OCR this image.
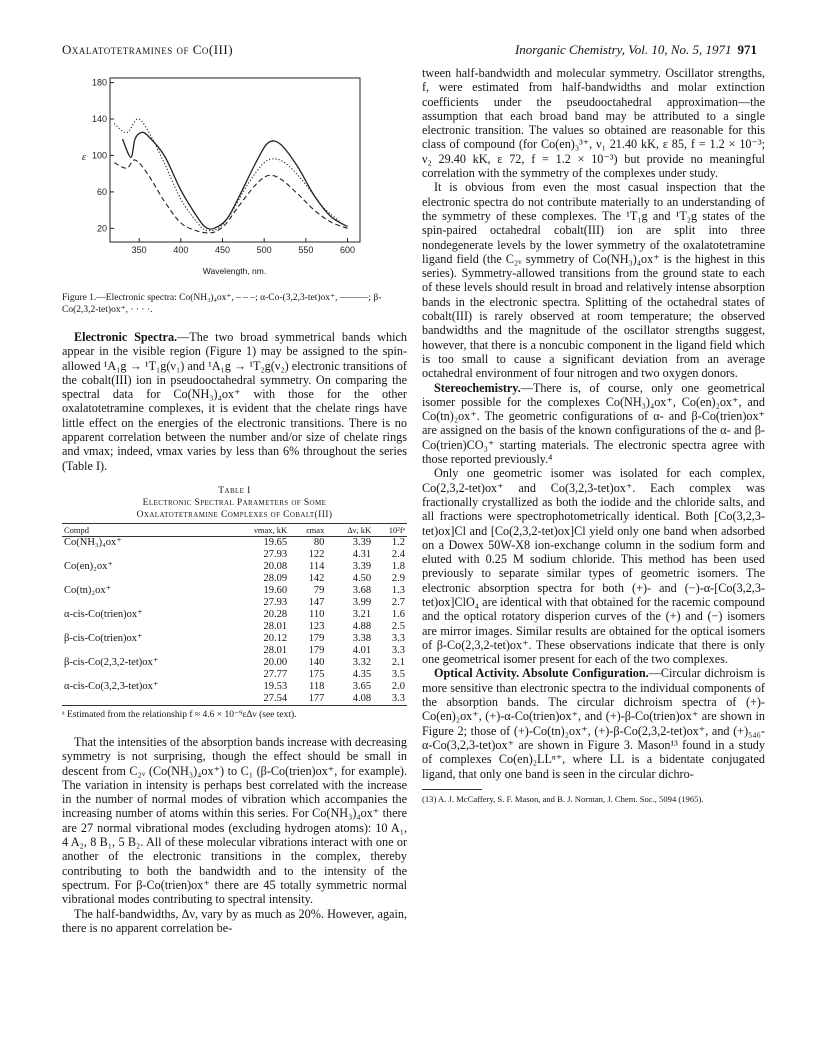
Oxalatotetramines of Co(III)	Inorganic Chemistry, Vol. 10, No. 5, 1971 971
350	400	450	500	550	600
180
140
100
60
20
ε
Wavelength, nm.

Figure 1.—Electronic spectra: Co(NH₃)₄ox⁺, – – –; α-Co-(3,2,3-tet)ox⁺, ———; β-Co(2,3,2-tet)ox⁺, · · · ·.

Electronic Spectra.—The two broad symmetrical bands which appear in the visible region (Figure 1) may be assigned to the spin-allowed ¹A₁g → ¹T₁g(ν₁) and ¹A₁g → ¹T₂g(ν₂) electronic transitions of the cobalt(III) ion in pseudooctahedral symmetry. On comparing the spectral data for Co(NH₃)₄ox⁺ with those for the other oxalatotetramine complexes, it is evident that the chelate rings have little effect on the energies of the electronic transitions. There is no apparent correlation between the number and/or size of chelate rings and νmax; indeed, νmax varies by less than 6% throughout the series (Table I).

Table I

Electronic Spectral Parameters of Some

Oxalatotetramine Complexes of Cobalt(III)

Compd	νmax, kK	εmax	Δν, kK	10²fᵃ
Co(NH₃)₄ox⁺	19.65	80	3.39	1.2
	27.93	122	4.31	2.4
Co(en)₂ox⁺	20.08	114	3.39	1.8
	28.09	142	4.50	2.9
Co(tn)₂ox⁺	19.60	79	3.68	1.3
	27.93	147	3.99	2.7
α-cis-Co(trien)ox⁺	20.28	110	3.21	1.6
	28.01	123	4.88	2.5
β-cis-Co(trien)ox⁺	20.12	179	3.38	3.3
	28.01	179	4.01	3.3
β-cis-Co(2,3,2-tet)ox⁺	20.00	140	3.32	2.1
	27.77	175	4.35	3.5
α-cis-Co(3,2,3-tet)ox⁺	19.53	118	3.65	2.0
	27.54	177	4.08	3.3

ᵃ Estimated from the relationship f ≈ 4.6 × 10⁻⁹εΔν (see text).

That the intensities of the absorption bands increase with decreasing symmetry is not surprising, though the effect should be small in descent from C₂ᵥ (Co(NH₃)₄ox⁺) to C₁ (β-Co(trien)ox⁺, for example). The variation in intensity is perhaps best correlated with the increase in the number of normal modes of vibration which accompanies the increasing number of atoms within this series. For Co(NH₃)₄ox⁺ there are 27 normal vibrational modes (excluding hydrogen atoms): 10 A₁, 4 A₂, 8 B₁, 5 B₂. All of these molecular vibrations interact with one or another of the electronic transitions in the complex, thereby contributing to both the bandwidth and to the intensity of the spectrum. For β-Co(trien)ox⁺ there are 45 totally symmetric normal vibrational modes contributing to spectral intensity.

The half-bandwidths, Δν, vary by as much as 20%. However, again, there is no apparent correlation be-

tween half-bandwidth and molecular symmetry. Oscillator strengths, f, were estimated from half-bandwidths and molar extinction coefficients under the pseudooctahedral approximation—the assumption that each broad band may be attributed to a single electronic transition. The values so obtained are reasonable for this class of compound (for Co(en)₃³⁺, ν₁ 21.40 kK, ε 85, f = 1.2 × 10⁻³; ν₂ 29.40 kK, ε 72, f = 1.2 × 10⁻³) but provide no meaningful correlation with the symmetry of the complexes under study.

It is obvious from even the most casual inspection that the electronic spectra do not contribute materially to an understanding of the symmetry of these complexes. The ¹T₁g and ¹T₂g states of the spin-paired octahedral cobalt(III) ion are split into three nondegenerate levels by the lower symmetry of the oxalatotetramine ligand field (the C₂ᵥ symmetry of Co(NH₃)₄ox⁺ is the highest in this series). Symmetry-allowed transitions from the ground state to each of these levels should result in broad and relatively intense absorption bands in the electronic spectra. Splitting of the octahedral states of cobalt(III) is rarely observed at room temperature; the observed bandwidths and the magnitude of the oscillator strengths suggest, however, that there is a noncubic component in the ligand field which is too small to cause a significant deviation from an average octahedral environment of four nitrogen and two oxygen donors.

Stereochemistry.—There is, of course, only one geometrical isomer possible for the complexes Co(NH₃)₄ox⁺, Co(en)₂ox⁺, and Co(tn)₂ox⁺. The geometric configurations of α- and β-Co(trien)ox⁺ are assigned on the basis of the known configurations of the α- and β-Co(trien)CO₃⁺ starting materials. The electronic spectra agree with those reported previously.⁴

Only one geometric isomer was isolated for each complex, Co(2,3,2-tet)ox⁺ and Co(3,2,3-tet)ox⁺. Each complex was fractionally crystallized as both the iodide and the chloride salts, and all fractions were spectrophotometrically identical. Both [Co(3,2,3-tet)ox]Cl and [Co(2,3,2-tet)ox]Cl yield only one band when adsorbed on a Dowex 50W-X8 ion-exchange column in the sodium form and eluted with 0.25 M sodium chloride. This method has been used previously to separate similar types of geometric isomers. The electronic absorption spectra for both (+)- and (−)-α-[Co(3,2,3-tet)ox]ClO₄ are identical with that obtained for the racemic compound and the optical rotatory disperion curves of the (+) and (−) isomers are mirror images. Similar results are obtained for the optical isomers of β-Co(2,3,2-tet)ox⁺. These observations indicate that there is only one geometrical isomer present for each of the two complexes.

Optical Activity. Absolute Configuration.—Circular dichroism is more sensitive than electronic spectra to the individual components of the absorption bands. The circular dichroism spectra of (+)-Co(en)₂ox⁺, (+)-α-Co(trien)ox⁺, and (+)-β-Co(trien)ox⁺ are shown in Figure 2; those of (+)-Co(tn)₂ox⁺, (+)-β-Co(2,3,2-tet)ox⁺, and (+)₅₄₆-α-Co(3,2,3-tet)ox⁺ are shown in Figure 3. Mason¹³ found in a study of complexes Co(en)₂LLⁿ⁺, where LL is a bidentate conjugated ligand, that only one band is seen in the circular dichro-

(13) A. J. McCaffery, S. F. Mason, and B. J. Norman, J. Chem. Soc., 5094 (1965).
